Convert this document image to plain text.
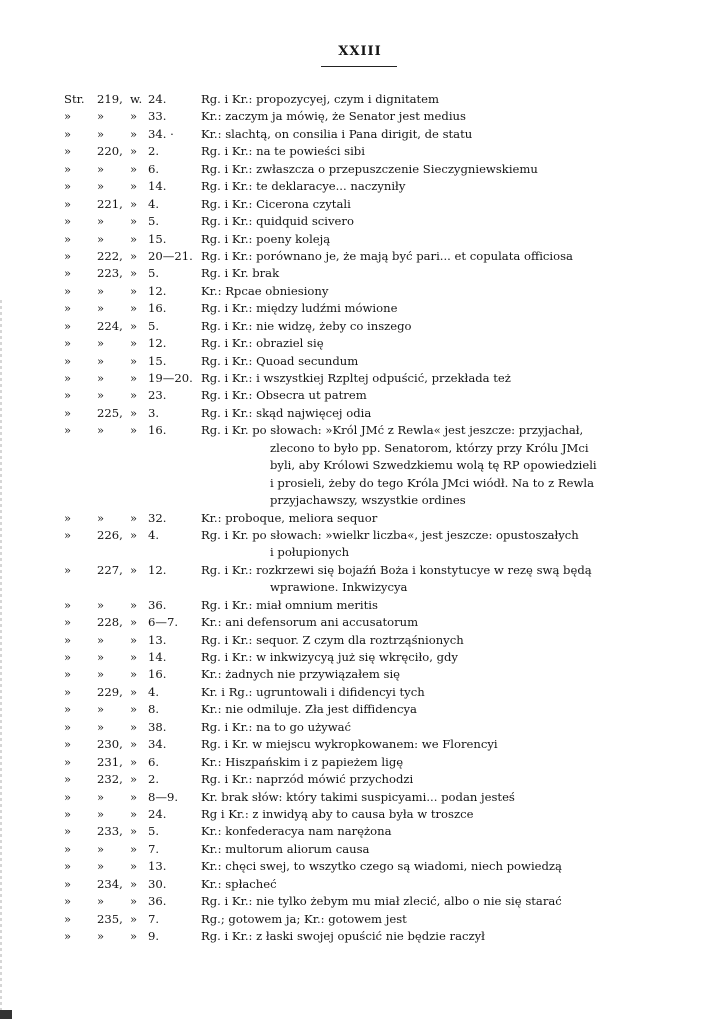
XXIII
Str.	219, w. 24.	Rg. i Kr.: propozycyej, czym i dignitatem
»	»	» 33.	Kr.: zaczym ja mówię, że Senator jest medius
»	»	» 34. ·	Kr.: slachtą, on consilia i Pana dirigit, de statu
»	220, » 2.	Rg. i Kr.: na te powieści sibi
»	»	» 6.	Rg. i Kr.: zwłaszcza o przepuszczenie Sieczygniewskiemu
»	»	» 14.	Rg. i Kr.: te deklaracye... naczyniły
»	221, » 4.	Rg. i Kr.: Cicerona czytali
»	»	» 5.	Rg. i Kr.: quidquid scivero
»	»	» 15.	Rg. i Kr.: poeny koleją
»	222, » 20—21. Rg. i Kr.: porównano je, że mają być pari... et copulata officiosa
»	223, » 5.	Rg. i Kr. brak
»	»	» 12.	Kr.: Rpcae obniesiony
»	»	» 16.	Rg. i Kr.: między ludźmi mówione
»	224, » 5.	Rg. i Kr.: nie widzę, żeby co inszego
»	»	» 12.	Rg. i Kr.: obraziel się
»	»	» 15.	Rg. i Kr.: Quoad secundum
»	»	» 19—20. Rg. i Kr.: i wszystkiej Rzpltej odpuścić, przekłada też
»	»	» 23.	Rg. i Kr.: Obsecra ut patrem
»	225, » 3.	Rg. i Kr.: skąd najwięcej odia
»	»	» 16.	Rg. i Kr. po słowach: »Król JMć z Rewla« jest jeszcze: przyjachał,
zlecono to było pp. Senatorom, którzy przy Królu JMci
byli, aby Królowi Szwedzkiemu wolą tę RP opowiedzieli
i prosieli, żeby do tego Króla JMci wiódł. Na to z Rewla
przyjachawszy, wszystkie ordines
»	»	» 32.	Kr.: proboque, meliora sequor
»	226, » 4.	Rg. i Kr. po słowach: »wielkr liczba«, jest jeszcze: opustoszałych
i połupionych
»	227, » 12.	Rg. i Kr.: rozkrzewi się bojaźń Boża i konstytucye w rezę swą będą
wprawione. Inkwizycya
»	»	» 36.	Rg. i Kr.: miał omnium meritis
»	228, » 6—7.	Kr.: ani defensorum ani accusatorum
»	»	» 13.	Rg. i Kr.: sequor. Z czym dla roztrząśnionych
»	»	» 14.	Rg. i Kr.: w inkwizycyą już się wkręciło, gdy
»	»	» 16.	Kr.: żadnych nie przywiązałem się
»	229, » 4.	Kr. i Rg.: ugruntowali i difidencyi tych
»	»	» 8.	Kr.: nie odmiluje. Zła jest diffidencya
»	»	» 38.	Rg. i Kr.: na to go używać
»	230, » 34.	Rg. i Kr. w miejscu wykropkowanem: we Florencyi
»	231, » 6.	Kr.: Hiszpańskim i z papieżem ligę
»	232, » 2.	Rg. i Kr.: naprzód mówić przychodzi
»	»	» 8—9.	Kr. brak słów: który takimi suspicyami... podan jesteś
»	»	» 24.	Rg i Kr.: z inwidyą aby to causa była w troszce
»	233, » 5.	Kr.: konfederacya nam narężona
»	»	» 7.	Kr.: multorum aliorum causa
»	»	» 13.	Kr.: chęci swej, to wszytko czego są wiadomi, niech powiedzą
»	234, » 30.	Kr.: spłacheć
»	»	» 36.	Rg. i Kr.: nie tylko żebym mu miał zlecić, albo o nie się starać
»	235, » 7.	Rg.; gotowem ja; Kr.: gotowem jest
»	»	» 9.	Rg. i Kr.: z łaski swojej opuścić nie będzie raczył
